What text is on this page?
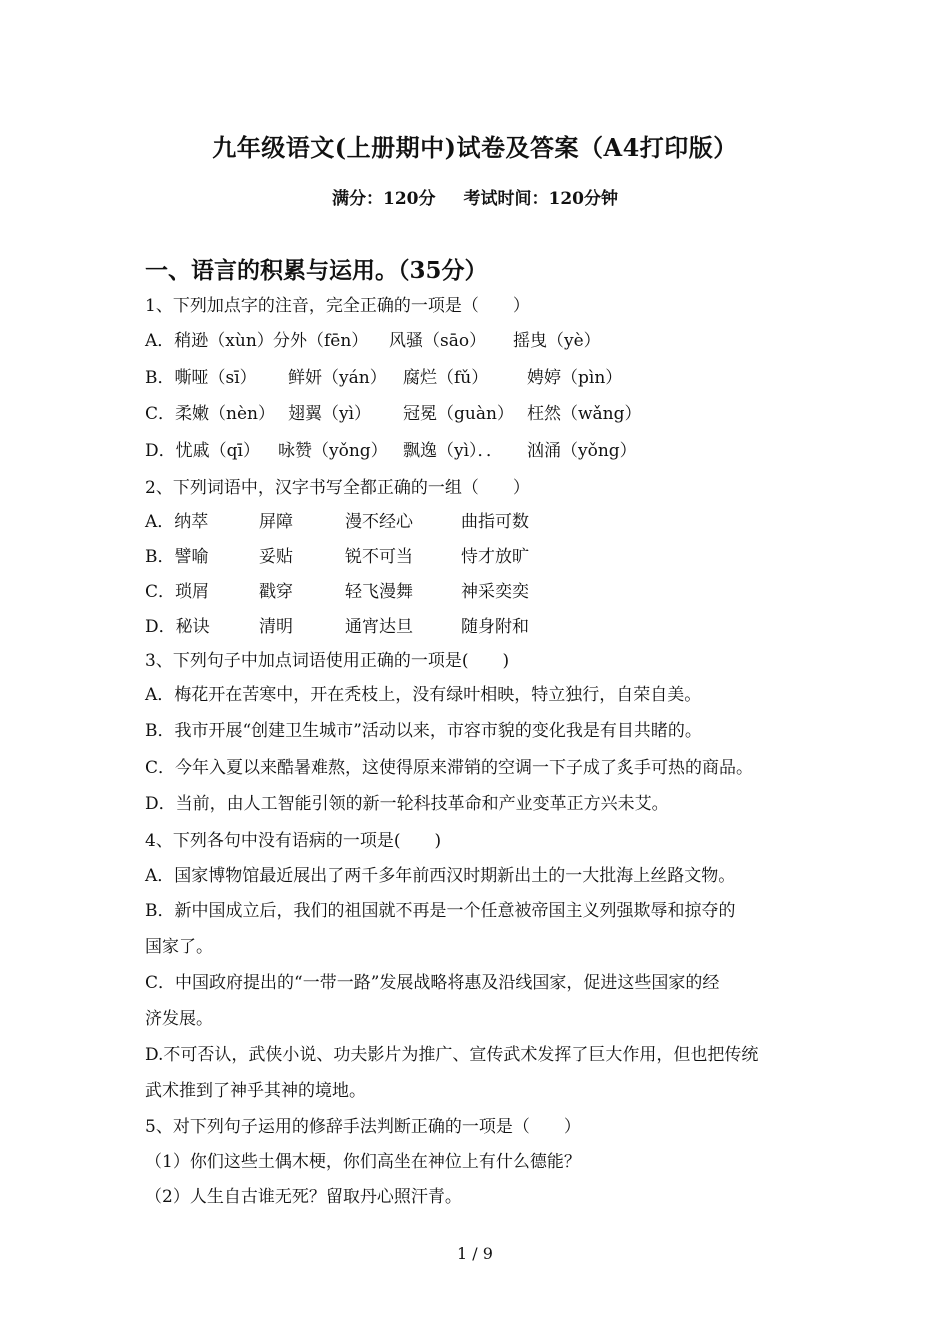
九年级语文(上册期中)试卷及答案（A4打印版）
满分：120分 考试时间：120分钟
一、语言的积累与运用。（35分）
1、下列加点字的注音，完全正确的一项是（　　）
A．稍逊（xùn）分外（fēn） 风骚（sāo） 摇曳（yè）
B．嘶哑（sī） 鲜妍（yán） 腐烂（fǔ） 娉婷（pìn）
C．柔嫩（nèn） 翅翼（yì） 冠冕（guàn） 枉然（wǎng）
D．忧戚（qī） 咏赞（yǒng） 飘逸（yì）．． 汹涌（yǒng）
2、下列词语中，汉字书写全都正确的一组（　　）
A．纳萃	屏障	漫不经心	曲指可数
B．譬喻	妥贴	锐不可当	恃才放旷
C．琐屑	戳穿	轻飞漫舞	神采奕奕
D．秘诀	清明	通宵达旦	随身附和
3、下列句子中加点词语使用正确的一项是(　　)
A．梅花开在苦寒中，开在秃枝上，没有绿叶相映，特立独行，自荣自美。
B．我市开展“创建卫生城市”活动以来，市容市貌的变化我是有目共睹的。
C．今年入夏以来酷暑难熬，这使得原来滞销的空调一下子成了炙手可热的商品。
D．当前，由人工智能引领的新一轮科技革命和产业变革正方兴未艾。
4、下列各句中没有语病的一项是(　　)
A．国家博物馆最近展出了两千多年前西汉时期新出土的一大批海上丝路文物。
B．新中国成立后，我们的祖国就不再是一个任意被帝国主义列强欺辱和掠夺的
国家了。
C．中国政府提出的“一带一路”发展战略将惠及沿线国家，促进这些国家的经
济发展。
D.不可否认，武侠小说、功夫影片为推广、宣传武术发挥了巨大作用，但也把传统
武术推到了神乎其神的境地。
5、对下列句子运用的修辞手法判断正确的一项是（　　）
（1）你们这些土偶木梗，你们高坐在神位上有什么德能？
（2）人生自古谁无死？留取丹心照汗青。
1 / 9
